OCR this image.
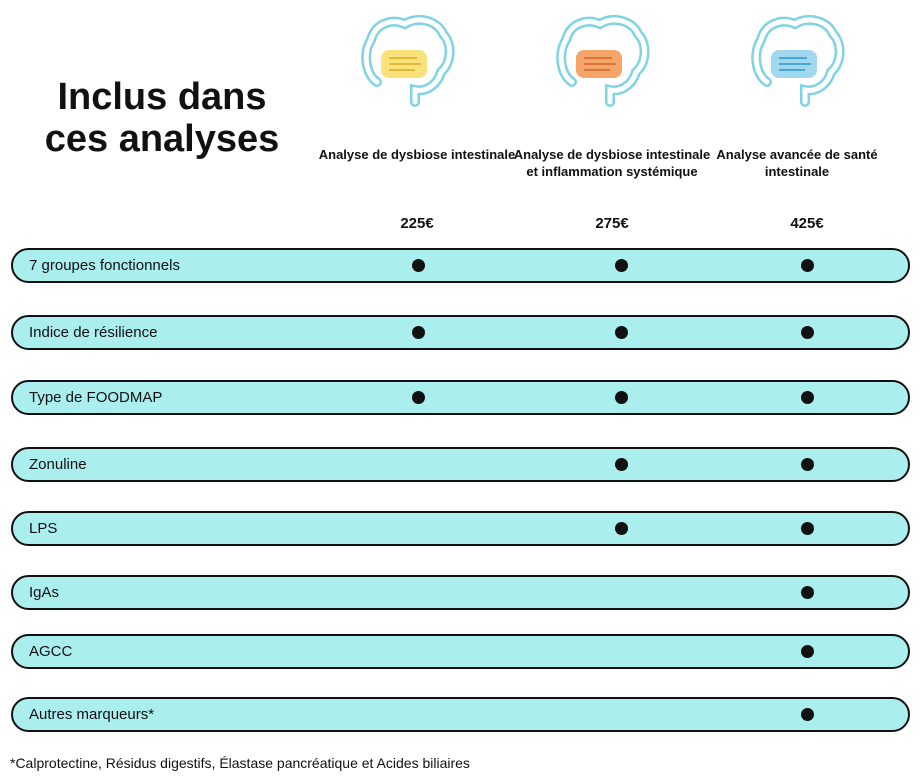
Inclus dans ces analyses	Analyse de dysbiose intestinale
225€
Analyse de dysbiose intestinale et inflammation systémique
275€
Analyse avancée de santé intestinale
425€
7 groupes fonctionnels
Indice de résilience
Type de FOODMAP
Zonuline
LPS
IgAs
AGCC
Autres marqueurs*
*Calprotectine, Résidus digestifs, Élastase pancréatique et Acides biliaires
